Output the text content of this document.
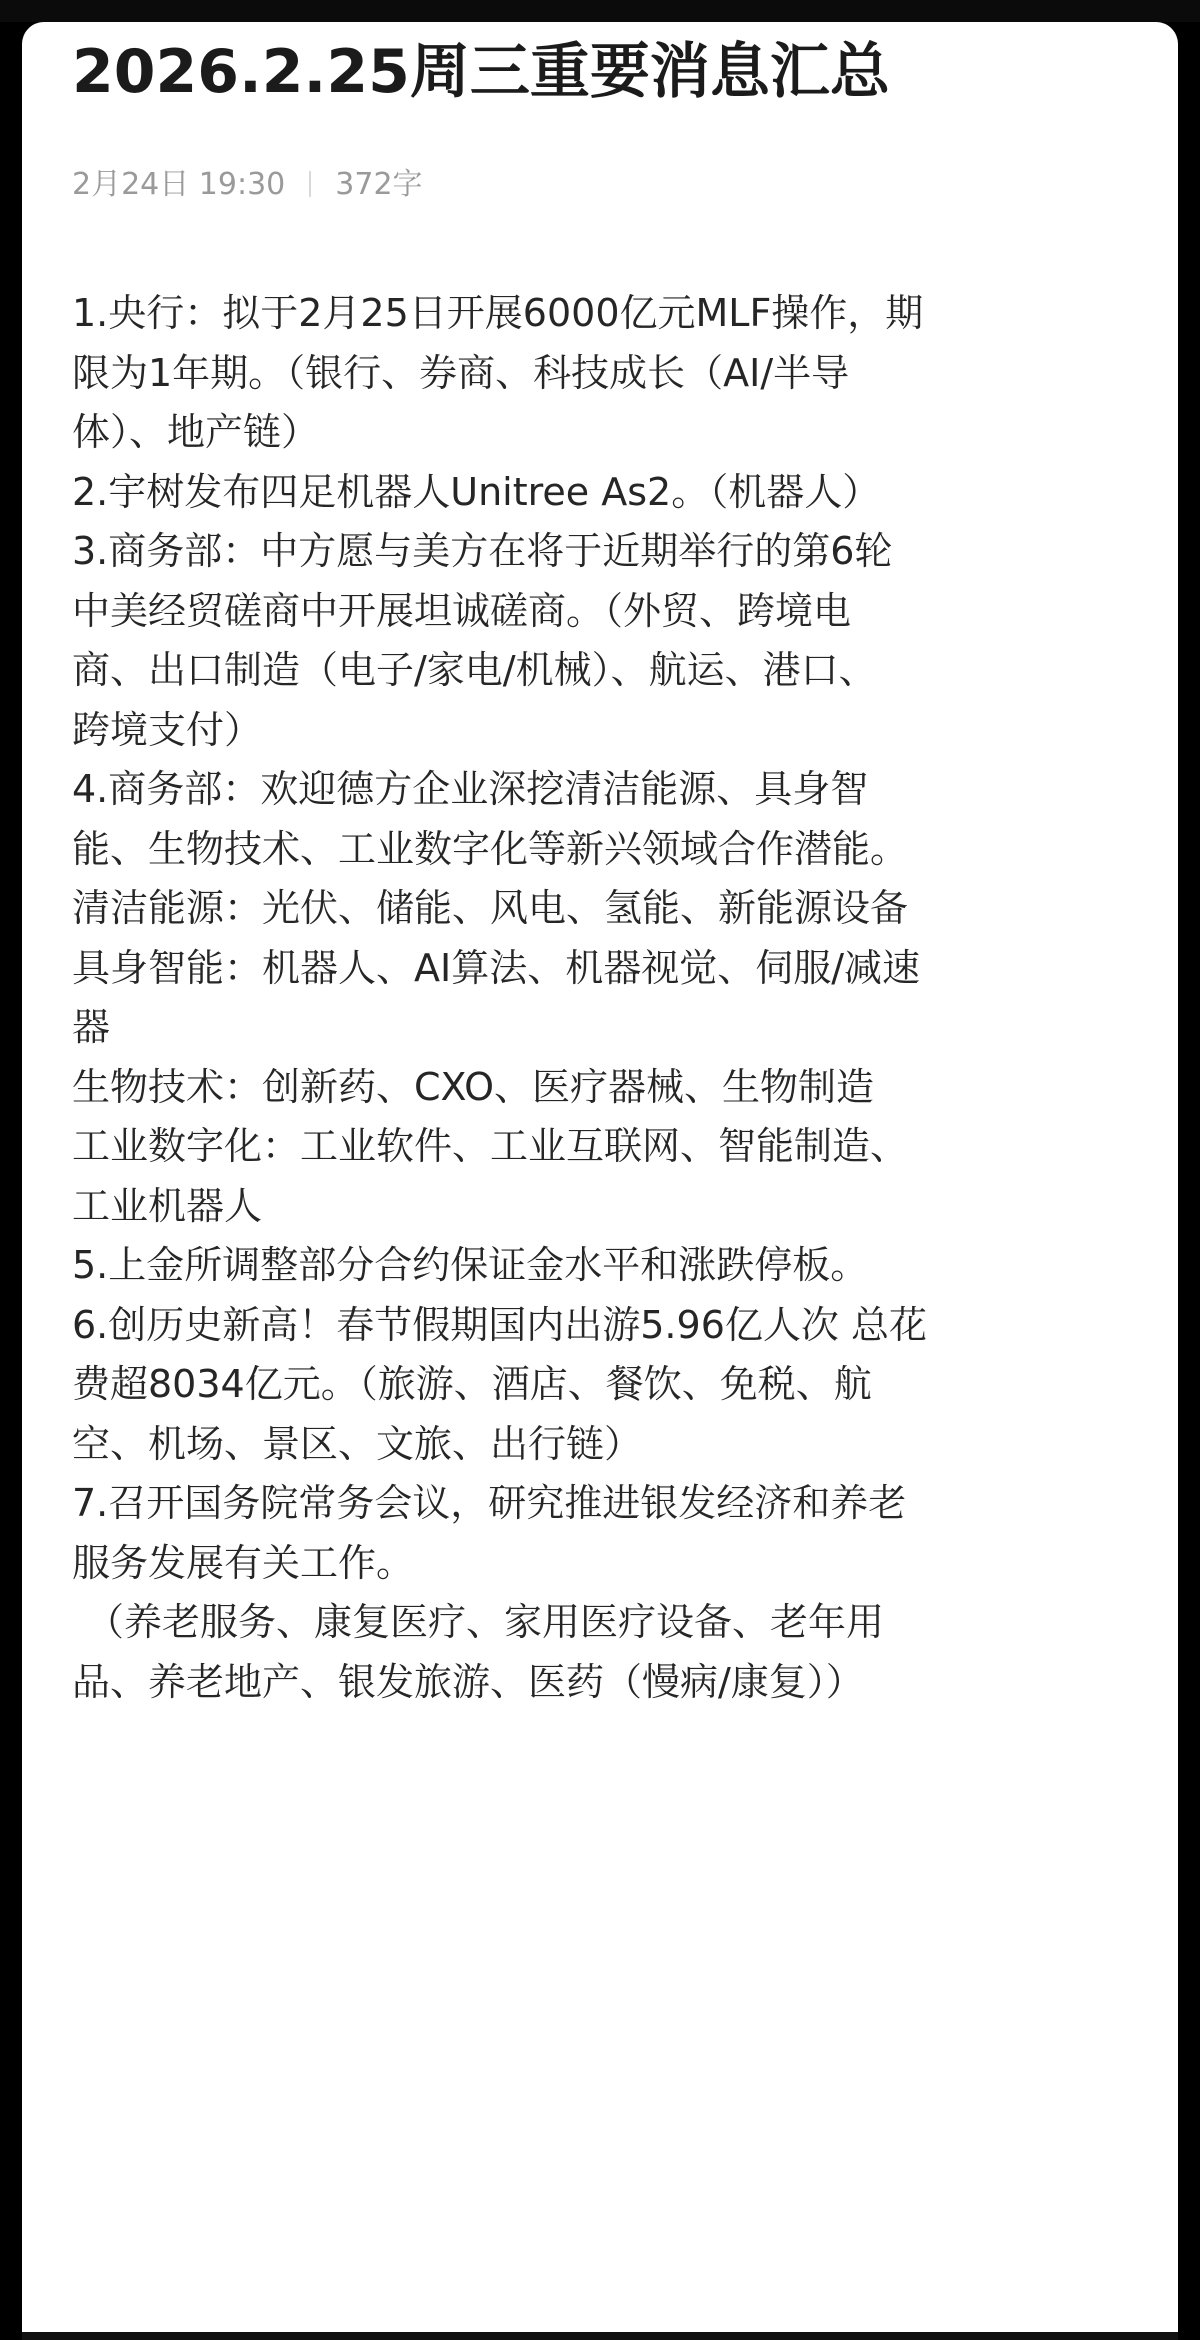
2026.2.25周三重要消息汇总
2月24日 19:30 372字
1.央行：拟于2月25日开展6000亿元MLF操作，期
限为1年期。（银行、券商、科技成长（AI/半导
体）、地产链）
2.宇树发布四足机器人Unitree As2。（机器人）
3.商务部：中方愿与美方在将于近期举行的第6轮
中美经贸磋商中开展坦诚磋商。（外贸、跨境电
商、出口制造（电子/家电/机械）、航运、港口、
跨境支付）
4.商务部：欢迎德方企业深挖清洁能源、具身智
能、生物技术、工业数字化等新兴领域合作潜能。
清洁能源：光伏、储能、风电、氢能、新能源设备
具身智能：机器人、AI算法、机器视觉、伺服/减速
器
生物技术：创新药、CXO、医疗器械、生物制造
工业数字化：工业软件、工业互联网、智能制造、
工业机器人
5.上金所调整部分合约保证金水平和涨跌停板。
6.创历史新高！春节假期国内出游5.96亿人次 总花
费超8034亿元。（旅游、酒店、餐饮、免税、航
空、机场、景区、文旅、出行链）
7.召开国务院常务会议，研究推进银发经济和养老
服务发展有关工作。
（养老服务、康复医疗、家用医疗设备、老年用
品、养老地产、银发旅游、医药（慢病/康复））
